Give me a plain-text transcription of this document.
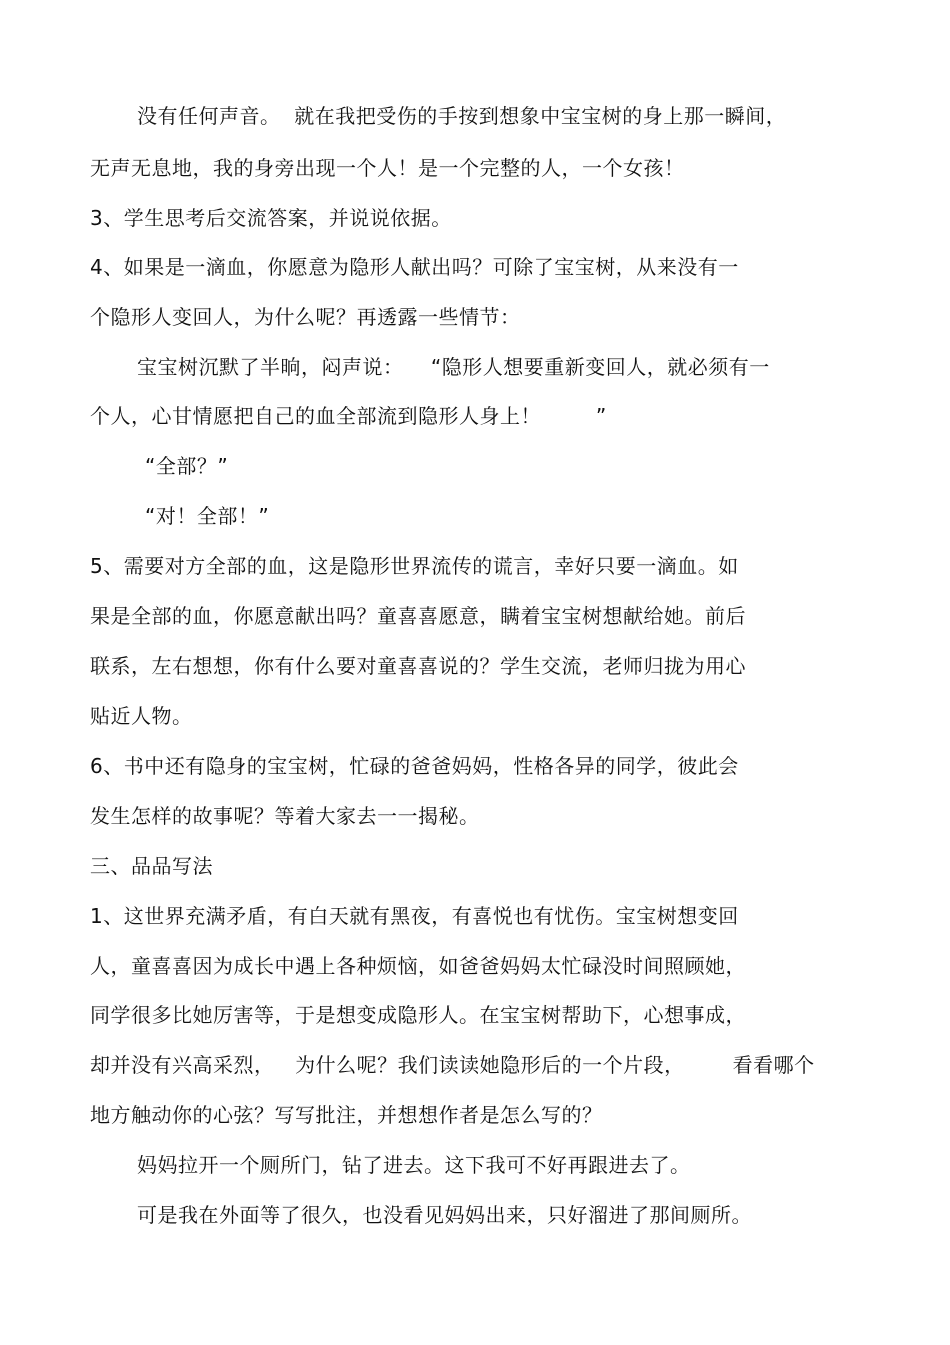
没有任何声音。  就在我把受伤的手按到想象中宝宝树的身上那一瞬间，
无声无息地，我的身旁出现一个人！是一个完整的人，一个女孩！
3、学生思考后交流答案，并说说依据。
4、如果是一滴血，你愿意为隐形人献出吗？可除了宝宝树，从来没有一
个隐形人变回人，为什么呢？再透露一些情节：
宝宝树沉默了半晌，闷声说：    “隐形人想要重新变回人，就必须有一
个人，心甘情愿把自己的血全部流到隐形人身上！        ”
“全部？”
“对！全部！”
5、需要对方全部的血，这是隐形世界流传的谎言，幸好只要一滴血。如
果是全部的血，你愿意献出吗？童喜喜愿意，瞒着宝宝树想献给她。前后
联系，左右想想，你有什么要对童喜喜说的？学生交流，老师归拢为用心
贴近人物。
6、书中还有隐身的宝宝树，忙碌的爸爸妈妈，性格各异的同学，彼此会
发生怎样的故事呢？等着大家去一一揭秘。
三、品品写法
1、这世界充满矛盾，有白天就有黑夜，有喜悦也有忧伤。宝宝树想变回
人，童喜喜因为成长中遇上各种烦恼，如爸爸妈妈太忙碌没时间照顾她，
同学很多比她厉害等，于是想变成隐形人。在宝宝树帮助下，心想事成，
却并没有兴高采烈，   为什么呢？我们读读她隐形后的一个片段，       看看哪个
地方触动你的心弦？写写批注，并想想作者是怎么写的？
妈妈拉开一个厕所门，钻了进去。这下我可不好再跟进去了。
可是我在外面等了很久，也没看见妈妈出来，只好溜进了那间厕所。
